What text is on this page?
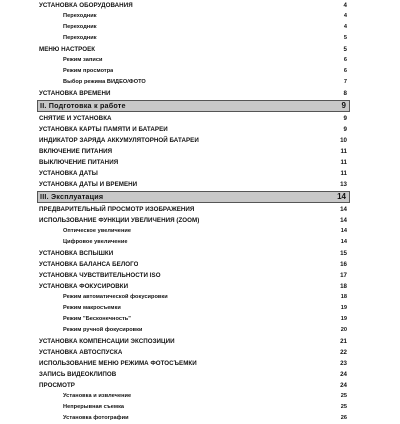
УСТАНОВКА ОБОРУДОВАНИЯ	4
Переходник	4
Переходник	4
Переходник	5
МЕНЮ НАСТРОЕК	5
Режим записи	6
Режим просмотра	6
Выбор режима ВИДЕО/ФОТО	7
УСТАНОВКА ВРЕМЕНИ	8
II. Подготовка к работе	9
СНЯТИЕ И УСТАНОВКА	9
УСТАНОВКА КАРТЫ ПАМЯТИ И БАТАРЕИ	9
ИНДИКАТОР ЗАРЯДА АККУМУЛЯТОРНОЙ БАТАРЕИ	10
ВКЛЮЧЕНИЕ ПИТАНИЯ	11
ВЫКЛЮЧЕНИЕ ПИТАНИЯ	11
УСТАНОВКА ДАТЫ	11
УСТАНОВКА ДАТЫ И ВРЕМЕНИ	13
III. Эксплуатация	14
ПРЕДВАРИТЕЛЬНЫЙ ПРОСМОТР ИЗОБРАЖЕНИЯ	14
ИСПОЛЬЗОВАНИЕ ФУНКЦИИ УВЕЛИЧЕНИЯ (ZOOM)	14
Оптическое увеличение	14
Цифровое увеличение	14
УСТАНОВКА ВСПЫШКИ	15
УСТАНОВКА БАЛАНСА БЕЛОГО	16
УСТАНОВКА ЧУВСТВИТЕЛЬНОСТИ ISO	17
УСТАНОВКА ФОКУСИРОВКИ	18
Режим автоматической фокусировки	18
Режим макросъемки	19
Режим "Бесконечность"	19
Режим ручной фокусировки	20
УСТАНОВКА КОМПЕНСАЦИИ ЭКСПОЗИЦИИ	21
УСТАНОВКА АВТОСПУСКА	22
ИСПОЛЬЗОВАНИЕ МЕНЮ РЕЖИМА ФОТОСЪЕМКИ	23
ЗАПИСЬ ВИДЕОКЛИПОВ	24
ПРОСМОТР	24
Установка и извлечение	25
Непрерывная съемка	25
Установка фотографии	26
